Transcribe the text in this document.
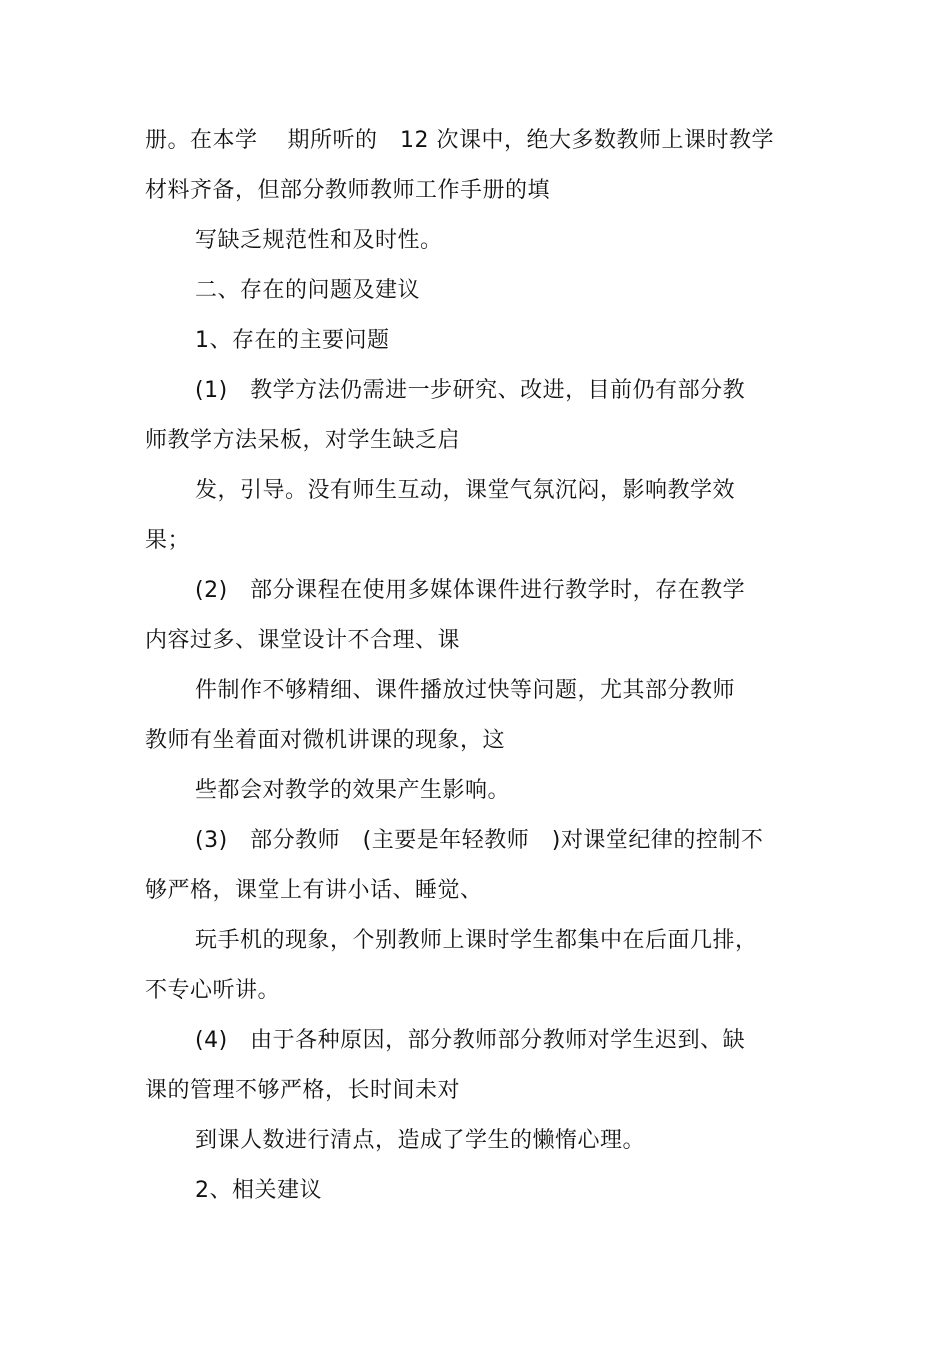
册。在本学　 期所听的　12 次课中，绝大多数教师上课时教学
材料齐备，但部分教师教师工作手册的填
写缺乏规范性和及时性。
二、存在的问题及建议
1、存在的主要问题
(1)　教学方法仍需进一步研究、改进，目前仍有部分教
师教学方法呆板，对学生缺乏启
发，引导。没有师生互动，课堂气氛沉闷，影响教学效
果；
(2)　部分课程在使用多媒体课件进行教学时，存在教学
内容过多、课堂设计不合理、课
件制作不够精细、课件播放过快等问题，尤其部分教师
教师有坐着面对微机讲课的现象，这
些都会对教学的效果产生影响。
(3)　部分教师　(主要是年轻教师　)对课堂纪律的控制不
够严格，课堂上有讲小话、睡觉、
玩手机的现象，个别教师上课时学生都集中在后面几排，
不专心听讲。
(4)　由于各种原因，部分教师部分教师对学生迟到、缺
课的管理不够严格，长时间未对
到课人数进行清点，造成了学生的懒惰心理。
2、相关建议
